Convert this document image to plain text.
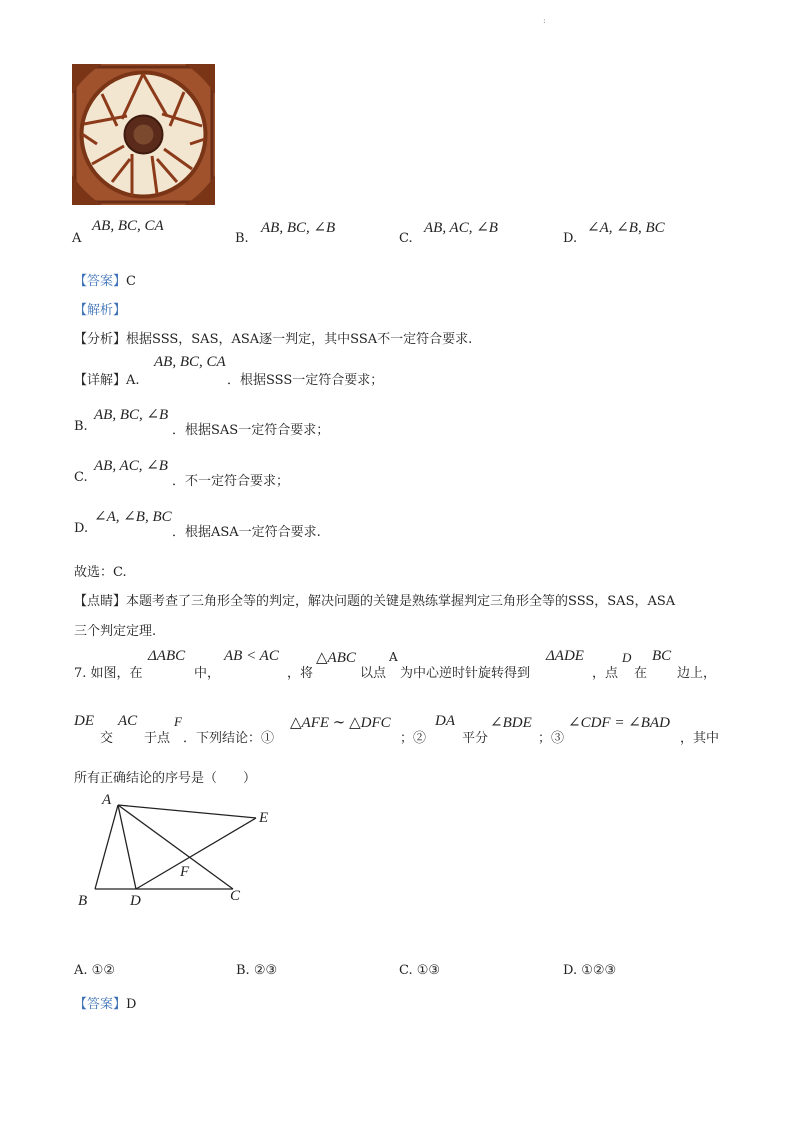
:
A
AB, BC, CA
B.
AB, BC, ∠B
C.
AB, AC, ∠B
D.
∠A, ∠B, BC
【答案】C
【解析】
【分析】根据SSS，SAS，ASA逐一判定，其中SSA不一定符合要求.
【详解】A.
AB, BC, CA
．根据SSS一定符合要求；
B.
AB, BC, ∠B
．根据SAS一定符合要求；
C.
AB, AC, ∠B
．不一定符合要求；
D.
∠A, ∠B, BC
．根据ASA一定符合要求.
故选：C.
【点睛】本题考查了三角形全等的判定，解决问题的关键是熟练掌握判定三角形全等的SSS，SAS，ASA
三个判定定理.
7. 如图，在
ΔABC
中，
AB < AC
，将
△ABC
以点
A
为中心逆时针旋转得到
ΔADE
，点
D
在
BC
边上，
DE
交
AC
于点
F
．下列结论：①
△AFE ∼ △DFC
；②
DA
平分
∠BDE
；③
∠CDF = ∠BAD
，其中
所有正确结论的序号是（　　）
A
B	C
D
E
F
A. ①②	B. ②③	C. ①③	D. ①②③
【答案】D
